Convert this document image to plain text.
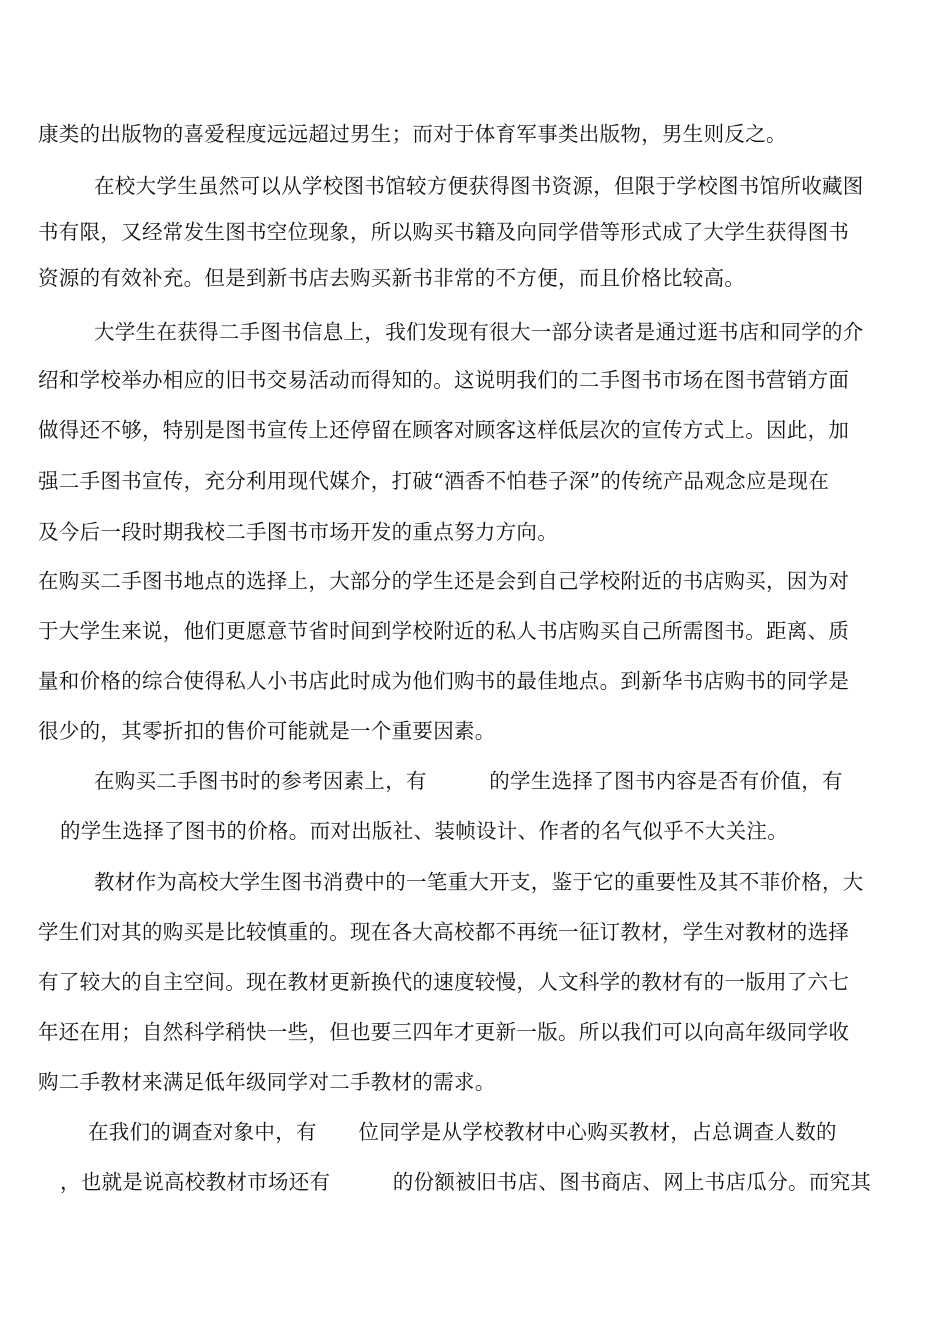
康类的出版物的喜爱程度远远超过男生；而对于体育军事类出版物，男生则反之。
在校大学生虽然可以从学校图书馆较方便获得图书资源，但限于学校图书馆所收藏图
书有限，又经常发生图书空位现象，所以购买书籍及向同学借等形式成了大学生获得图书
资源的有效补充。但是到新书店去购买新书非常的不方便，而且价格比较高。
大学生在获得二手图书信息上，我们发现有很大一部分读者是通过逛书店和同学的介
绍和学校举办相应的旧书交易活动而得知的。这说明我们的二手图书市场在图书营销方面
做得还不够，特别是图书宣传上还停留在顾客对顾客这样低层次的宣传方式上。因此，加
强二手图书宣传，充分利用现代媒介，打破“酒香不怕巷子深”的传统产品观念应是现在
及今后一段时期我校二手图书市场开发的重点努力方向。
在购买二手图书地点的选择上，大部分的学生还是会到自己学校附近的书店购买，因为对
于大学生来说，他们更愿意节省时间到学校附近的私人书店购买自己所需图书。距离、质
量和价格的综合使得私人小书店此时成为他们购书的最佳地点。到新华书店购书的同学是
很少的，其零折扣的售价可能就是一个重要因素。
在购买二手图书时的参考因素上，有　　　的学生选择了图书内容是否有价值，有
的学生选择了图书的价格。而对出版社、装帧设计、作者的名气似乎不大关注。
教材作为高校大学生图书消费中的一笔重大开支，鉴于它的重要性及其不菲价格，大
学生们对其的购买是比较慎重的。现在各大高校都不再统一征订教材，学生对教材的选择
有了较大的自主空间。现在教材更新换代的速度较慢，人文科学的教材有的一版用了六七
年还在用；自然科学稍快一些，但也要三四年才更新一版。所以我们可以向高年级同学收
购二手教材来满足低年级同学对二手教材的需求。
在我们的调查对象中，有　　位同学是从学校教材中心购买教材，占总调查人数的
，也就是说高校教材市场还有　　　的份额被旧书店、图书商店、网上书店瓜分。而究其
